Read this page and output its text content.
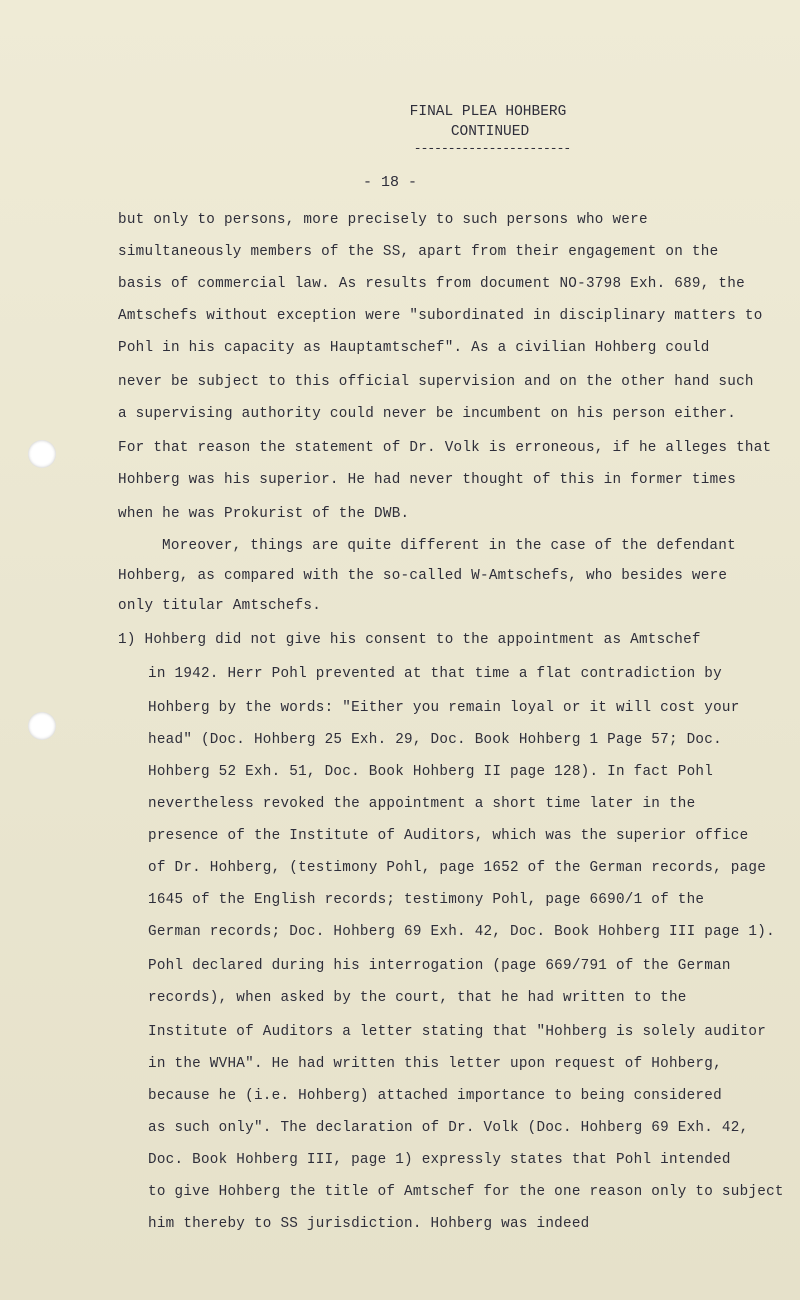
FINAL PLEA HOHBERG
CONTINUED
-----------------------
- 18 -
but only to persons, more precisely to such persons who were
simultaneously members of the SS, apart from their engagement on the
basis of commercial law. As results from document NO-3798 Exh. 689, the
Amtschefs without exception were "subordinated in disciplinary matters to
Pohl in his capacity as Hauptamtschef". As a civilian Hohberg could
never be subject to this official supervision and on the other hand such
a supervising authority could never be incumbent on his person either.
For that reason the statement of Dr. Volk is erroneous, if he alleges that
Hohberg was his superior. He had never thought of this in former times
when he was Prokurist of the DWB.
Moreover, things are quite different in the case of the defendant
Hohberg, as compared with the so-called W-Amtschefs, who besides were
only titular Amtschefs.
1) Hohberg did not give his consent to the appointment as Amtschef
in 1942. Herr Pohl prevented at that time a flat contradiction by
Hohberg by the words: "Either you remain loyal or it will cost your
head" (Doc. Hohberg 25 Exh. 29, Doc. Book Hohberg 1 Page 57; Doc.
Hohberg 52 Exh. 51, Doc. Book Hohberg II page 128). In fact Pohl
nevertheless revoked the appointment a short time later in the
presence of the Institute of Auditors, which was the superior office
of Dr. Hohberg, (testimony Pohl, page 1652 of the German records, page
1645 of the English records; testimony Pohl, page 6690/1 of the
German records; Doc. Hohberg 69 Exh. 42, Doc. Book Hohberg III page 1).
Pohl declared during his interrogation (page 669/791 of the German
records), when asked by the court, that he had written to the
Institute of Auditors a letter stating that "Hohberg is solely auditor
in the WVHA". He had written this letter upon request of Hohberg,
because he (i.e. Hohberg) attached importance to being considered
as such only". The declaration of Dr. Volk (Doc. Hohberg 69 Exh. 42,
Doc. Book Hohberg III, page 1) expressly states that Pohl intended
to give Hohberg the title of Amtschef for the one reason only to subject
him thereby to SS jurisdiction. Hohberg was indeed
